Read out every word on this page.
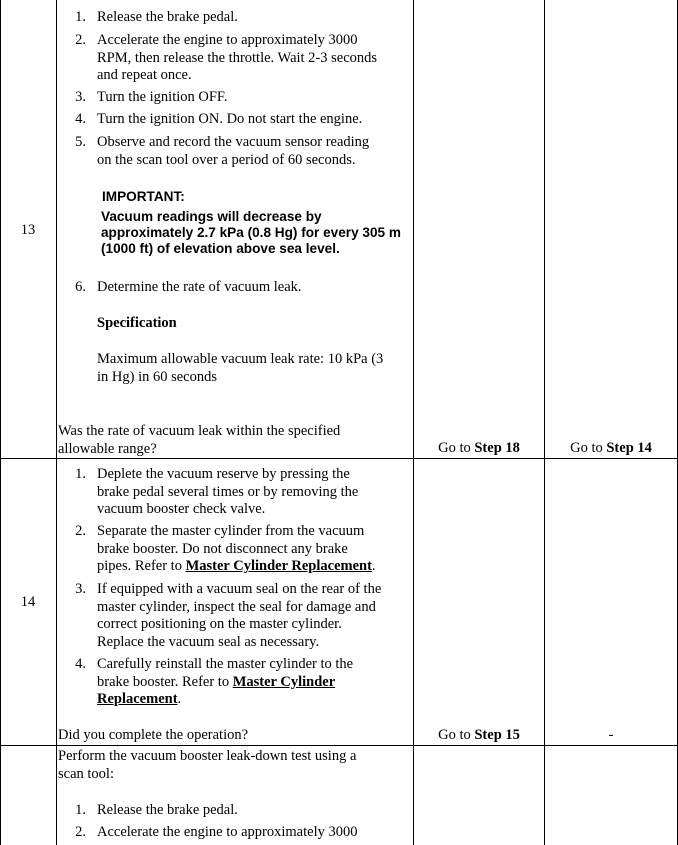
13
1. Release the brake pedal.
2. Accelerate the engine to approximately 3000
RPM, then release the throttle. Wait 2-3 seconds
and repeat once.
3. Turn the ignition OFF.
4. Turn the ignition ON. Do not start the engine.
5. Observe and record the vacuum sensor reading
on the scan tool over a period of 60 seconds.
IMPORTANT:
Vacuum readings will decrease by
approximately 2.7 kPa (0.8 Hg) for every 305 m
(1000 ft) of elevation above sea level.
6. Determine the rate of vacuum leak.
Specification
Maximum allowable vacuum leak rate: 10 kPa (3
in Hg) in 60 seconds
Was the rate of vacuum leak within the specified
allowable range?	Go to Step 18	Go to Step 14
14
1. Deplete the vacuum reserve by pressing the
brake pedal several times or by removing the
vacuum booster check valve.
2. Separate the master cylinder from the vacuum
brake booster. Do not disconnect any brake
pipes. Refer to Master Cylinder Replacement.
3. If equipped with a vacuum seal on the rear of the
master cylinder, inspect the seal for damage and
correct positioning on the master cylinder.
Replace the vacuum seal as necessary.
4. Carefully reinstall the master cylinder to the
brake booster. Refer to Master Cylinder
Replacement.
Did you complete the operation?	Go to Step 15	-
Perform the vacuum booster leak-down test using a
scan tool:
1. Release the brake pedal.
2. Accelerate the engine to approximately 3000
